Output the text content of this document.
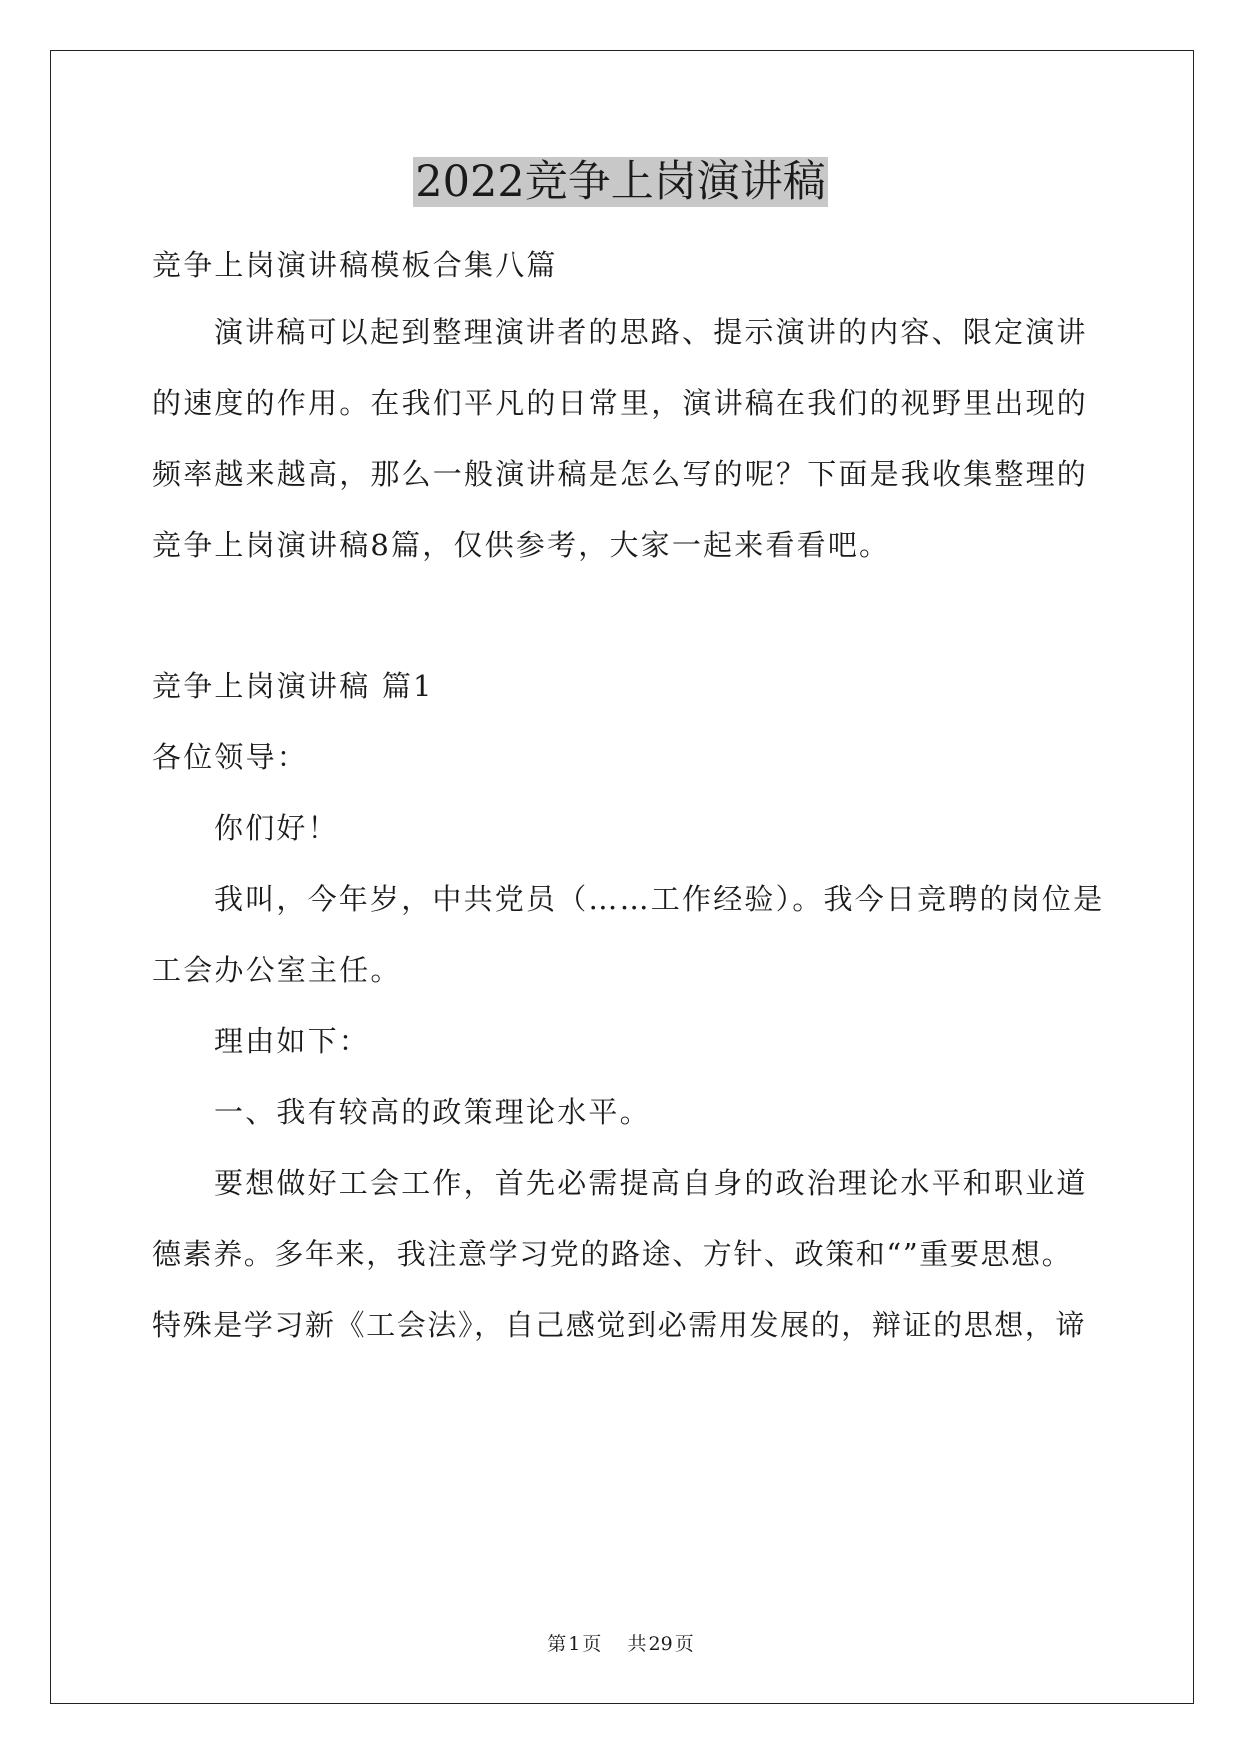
2022竞争上岗演讲稿
竞争上岗演讲稿模板合集八篇
演讲稿可以起到整理演讲者的思路、提示演讲的内容、限定演讲
的速度的作用。在我们平凡的日常里，演讲稿在我们的视野里出现的
频率越来越高，那么一般演讲稿是怎么写的呢？下面是我收集整理的
竞争上岗演讲稿8篇，仅供参考，大家一起来看看吧。
竞争上岗演讲稿 篇1
各位领导：
你们好！
我叫，今年岁，中共党员（……工作经验）。我今日竞聘的岗位是
工会办公室主任。
理由如下：
一、我有较高的政策理论水平。
要想做好工会工作，首先必需提高自身的政治理论水平和职业道
德素养。多年来，我注意学习党的路途、方针、政策和“”重要思想。
特殊是学习新《工会法》，自己感觉到必需用发展的，辩证的思想，谛
第 1 页 共 29 页
